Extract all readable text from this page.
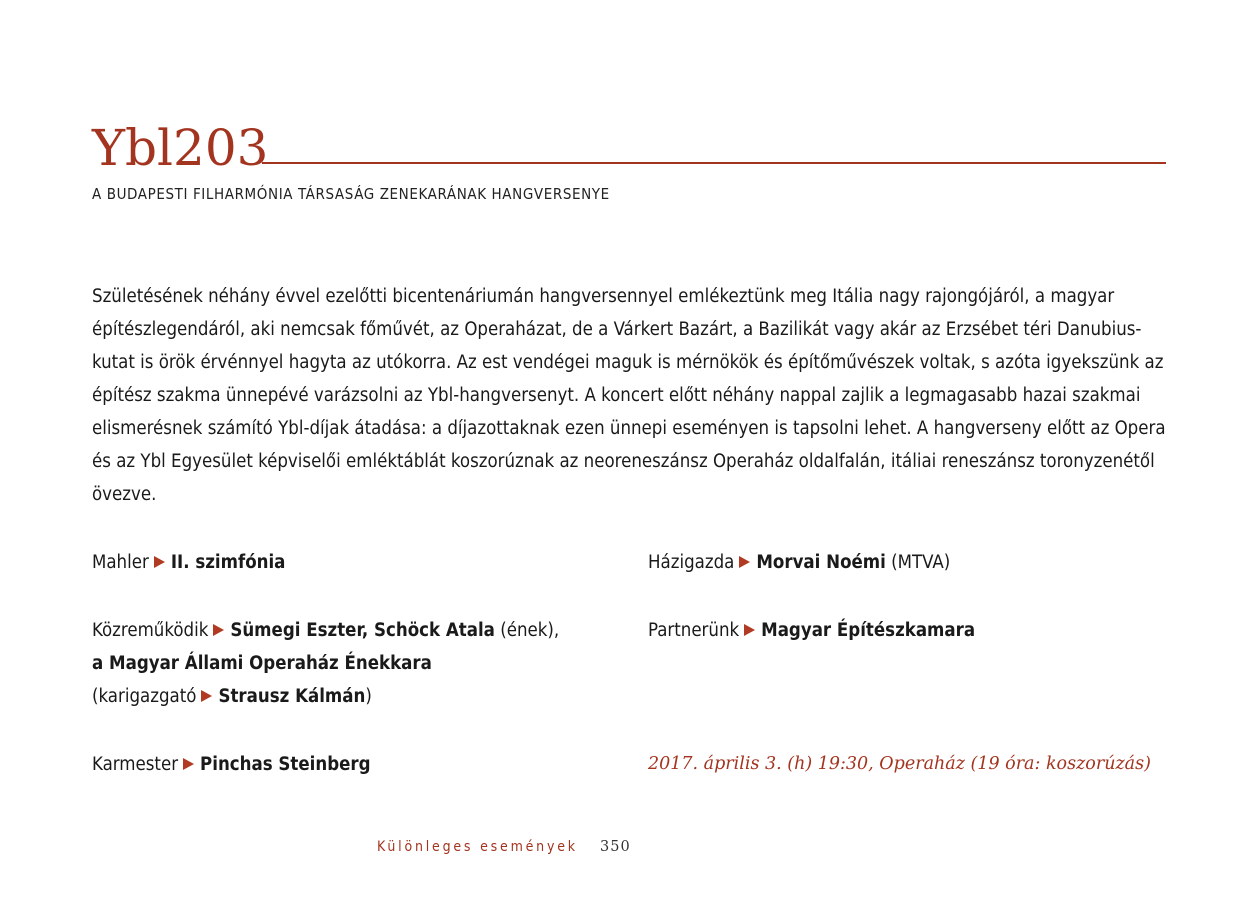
Ybl203
A BUDAPESTI FILHARMÓNIA TÁRSASÁG ZENEKARÁNAK HANGVERSENYE

Születésének néhány évvel ezelőtti bicentenáriumán hangversennyel emlékeztünk meg Itália nagy rajongójáról, a magyar építészlegendáról, aki nemcsak főművét, az Operaházat, de a Várkert Bazárt, a Bazilikát vagy akár az Erzsébet téri Danubius-kutat is örök érvénnyel hagyta az utókorra. Az est vendégei maguk is mérnökök és építőművészek voltak, s azóta igyekszünk az építész szakma ünnepévé varázsolni az Ybl-hangversenyt. A koncert előtt néhány nappal zajlik a legmagasabb hazai szakmai elismerésnek számító Ybl-díjak átadása: a díjazottaknak ezen ünnepi eseményen is tapsolni lehet. A hangverseny előtt az Opera és az Ybl Egyesület képviselői emléktáblát koszorúznak az neoreneszánsz Operaház oldalfalán, itáliai reneszánsz toronyzenétől övezve.

Mahler II. szimfónia
Közreműködik Sümegi Eszter, Schöck Atala (ének),
a Magyar Állami Operaház Énekkara
(karigazgató Strausz Kálmán)
Karmester Pinchas Steinberg
Házigazda Morvai Noémi (MTVA)
Partnerünk Magyar Építészkamara
2017. április 3. (h) 19:30, Operaház (19 óra: koszorúzás)
Különleges események 350
